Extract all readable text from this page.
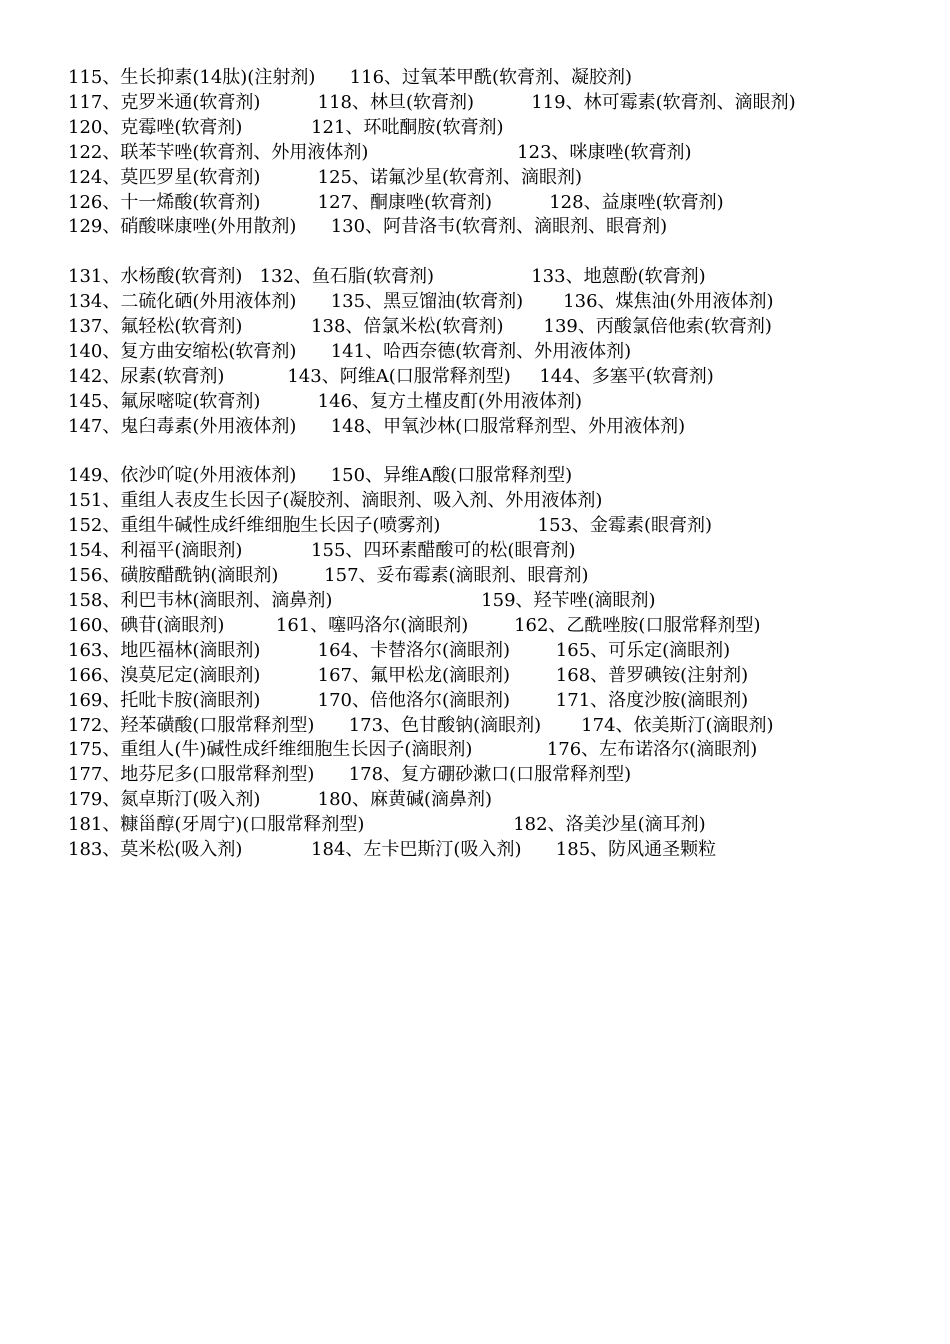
115、生长抑素(14肽)(注射剂)      116、过氧苯甲酰(软膏剂、凝胶剂)

117、克罗米通(软膏剂)          118、林旦(软膏剂)          119、林可霉素(软膏剂、滴眼剂)

120、克霉唑(软膏剂)            121、环吡酮胺(软膏剂)

122、联苯苄唑(软膏剂、外用液体剂)                          123、咪康唑(软膏剂)

124、莫匹罗星(软膏剂)          125、诺氟沙星(软膏剂、滴眼剂)

126、十一烯酸(软膏剂)          127、酮康唑(软膏剂)          128、益康唑(软膏剂)

129、硝酸咪康唑(外用散剂)      130、阿昔洛韦(软膏剂、滴眼剂、眼膏剂)

131、水杨酸(软膏剂)   132、鱼石脂(软膏剂)                 133、地蒽酚(软膏剂)

134、二硫化硒(外用液体剂)      135、黑豆馏油(软膏剂)       136、煤焦油(外用液体剂)

137、氟轻松(软膏剂)            138、倍氯米松(软膏剂)       139、丙酸氯倍他索(软膏剂)

140、复方曲安缩松(软膏剂)      141、哈西奈德(软膏剂、外用液体剂)

142、尿素(软膏剂)           143、阿维A(口服常释剂型)     144、多塞平(软膏剂)

145、氟尿嘧啶(软膏剂)          146、复方土槿皮酊(外用液体剂)

147、鬼臼毒素(外用液体剂)      148、甲氧沙林(口服常释剂型、外用液体剂)

149、依沙吖啶(外用液体剂)      150、异维A酸(口服常释剂型)

151、重组人表皮生长因子(凝胶剂、滴眼剂、吸入剂、外用液体剂)

152、重组牛碱性成纤维细胞生长因子(喷雾剂)                 153、金霉素(眼膏剂)

154、利福平(滴眼剂)            155、四环素醋酸可的松(眼膏剂)

156、磺胺醋酰钠(滴眼剂)        157、妥布霉素(滴眼剂、眼膏剂)

158、利巴韦林(滴眼剂、滴鼻剂)                          159、羟苄唑(滴眼剂)

160、碘苷(滴眼剂)         161、噻吗洛尔(滴眼剂)        162、乙酰唑胺(口服常释剂型)

163、地匹福林(滴眼剂)          164、卡替洛尔(滴眼剂)        165、可乐定(滴眼剂)

166、溴莫尼定(滴眼剂)          167、氟甲松龙(滴眼剂)        168、普罗碘铵(注射剂)

169、托吡卡胺(滴眼剂)          170、倍他洛尔(滴眼剂)        171、洛度沙胺(滴眼剂)

172、羟苯磺酸(口服常释剂型)      173、色甘酸钠(滴眼剂)       174、依美斯汀(滴眼剂)

175、重组人(牛)碱性成纤维细胞生长因子(滴眼剂)             176、左布诺洛尔(滴眼剂)

177、地芬尼多(口服常释剂型)      178、复方硼砂漱口(口服常释剂型)

179、氮卓斯汀(吸入剂)          180、麻黄碱(滴鼻剂)

181、糠甾醇(牙周宁)(口服常释剂型)                          182、洛美沙星(滴耳剂)

183、莫米松(吸入剂)            184、左卡巴斯汀(吸入剂)      185、防风通圣颗粒
